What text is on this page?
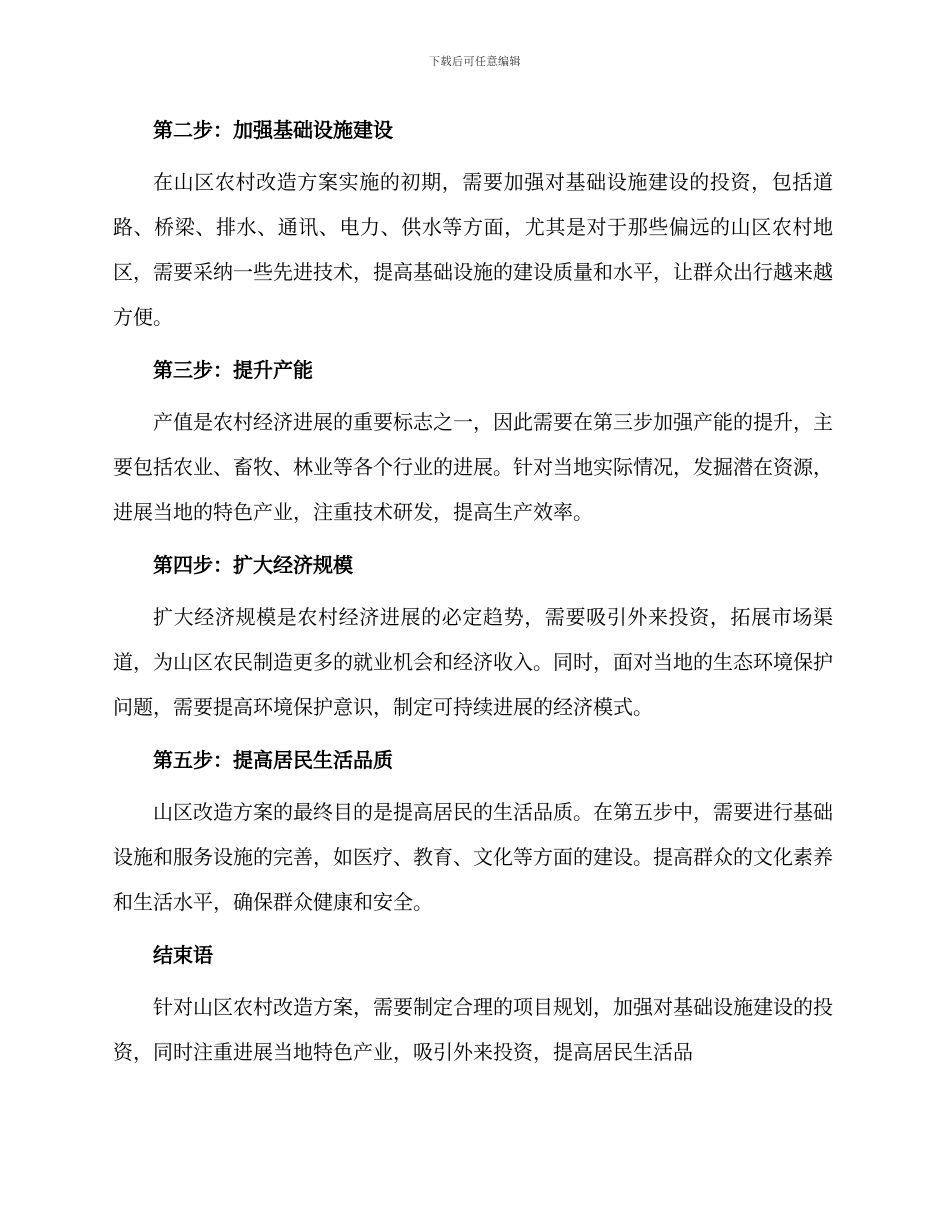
下载后可任意编辑
第二步：加强基础设施建设

在山区农村改造方案实施的初期，需要加强对基础设施建设的投资，包括道路、桥梁、排水、通讯、电力、供水等方面，尤其是对于那些偏远的山区农村地区，需要采纳一些先进技术，提高基础设施的建设质量和水平，让群众出行越来越方便。

第三步：提升产能

产值是农村经济进展的重要标志之一，因此需要在第三步加强产能的提升，主要包括农业、畜牧、林业等各个行业的进展。针对当地实际情况，发掘潜在资源，进展当地的特色产业，注重技术研发，提高生产效率。

第四步：扩大经济规模

扩大经济规模是农村经济进展的必定趋势，需要吸引外来投资，拓展市场渠道，为山区农民制造更多的就业机会和经济收入。同时，面对当地的生态环境保护问题，需要提高环境保护意识，制定可持续进展的经济模式。

第五步：提高居民生活品质

山区改造方案的最终目的是提高居民的生活品质。在第五步中，需要进行基础设施和服务设施的完善，如医疗、教育、文化等方面的建设。提高群众的文化素养和生活水平，确保群众健康和安全。

结束语

针对山区农村改造方案，需要制定合理的项目规划，加强对基础设施建设的投资，同时注重进展当地特色产业，吸引外来投资，提高居民生活品
